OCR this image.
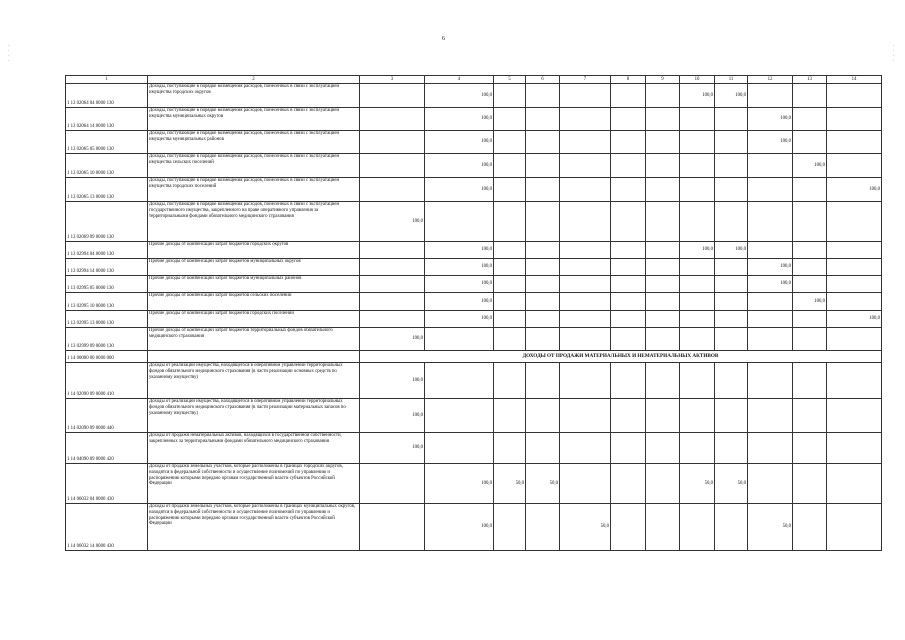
6
·
·
·
·
·
·
·
·
1	2	3	4	5	6	7	8	9	10	11	12	13	14
1 13 02064 04 0000 130	Доходы, поступающие в порядке возмещения расходов, понесенных в связи с эксплуатацией имущества городских округов		100,0						100,0	100,0			
1 13 02064 14 0000 130	Доходы, поступающие в порядке возмещения расходов, понесенных в связи с эксплуатацией имущества муниципальных округов		100,0								100,0		
1 13 02065 05 0000 130	Доходы, поступающие в порядке возмещения расходов, понесенных в связи с эксплуатацией имущества муниципальных районов		100,0								100,0		
1 13 02065 10 0000 130	Доходы, поступающие в порядке возмещения расходов, понесенных в связи с эксплуатацией имущества сельских поселений		100,0									100,0	
1 13 02065 13 0000 130	Доходы, поступающие в порядке возмещения расходов, понесенных в связи с эксплуатацией имущества городских поселений		100,0										100,0
1 13 02069 09 0000 130	Доходы, поступающие в порядке возмещения расходов, понесенных в связи с эксплуатацией государственного имущества, закрепленного на праве оперативного управления за территориальными фондами обязательного медицинского страхования	100,0											
1 13 02994 04 0000 130	Прочие доходы от компенсации затрат бюджетов городских округов		100,0						100,0	100,0			
1 13 02994 14 0000 130	Прочие доходы от компенсации затрат бюджетов муниципальных округов		100,0								100,0		
1 13 02995 05 0000 130	Прочие доходы от компенсации затрат бюджетов муниципальных районов		100,0								100,0		
1 13 02995 10 0000 130	Прочие доходы от компенсации затрат бюджетов сельских поселений		100,0									100,0	
1 13 02995 13 0000 130	Прочие доходы от компенсации затрат бюджетов городских поселений		100,0										100,0
1 13 02999 09 0000 130	Прочие доходы от компенсации затрат бюджетов территориальных фондов обязательного медицинского страхования	100,0											
1 14 00000 00 0000 000		ДОХОДЫ ОТ ПРОДАЖИ МАТЕРИАЛЬНЫХ И НЕМАТЕРИАЛЬНЫХ АКТИВОВ											
1 14 02090 09 0000 410	Доходы от реализации имущества, находящегося в оперативном управлении территориальных фондов обязательного медицинского страхования (в части реализации основных средств по указанному имуществу)	100,0											
1 14 02090 09 0000 440	Доходы от реализации имущества, находящегося в оперативном управлении территориальных фондов обязательного медицинского страхования (в части реализации материальных запасов по указанному имуществу)	100,0											
1 14 04090 09 0000 420	Доходы от продажи нематериальных активов, находящихся в государственной собственности, закрепленных за территориальными фондами обязательного медицинского страхования	100,0											
1 14 06032 04 0000 430	Доходы от продажи земельных участков, которые расположены в границах городских округов, находятся в федеральной собственности и осуществление полномочий по управлению и распоряжению которыми передано органам государственной власти субъектов Российской Федерации		100,0	50,0	50,0				50,0	50,0			
1 14 06032 14 0000 430	Доходы от продажи земельных участков, которые расположены в границах муниципальных округов, находятся в федеральной собственности и осуществление полномочий по управлению и распоряжению которыми передано органам государственной власти субъектов Российской Федерации		100,0			50,0					50,0		
